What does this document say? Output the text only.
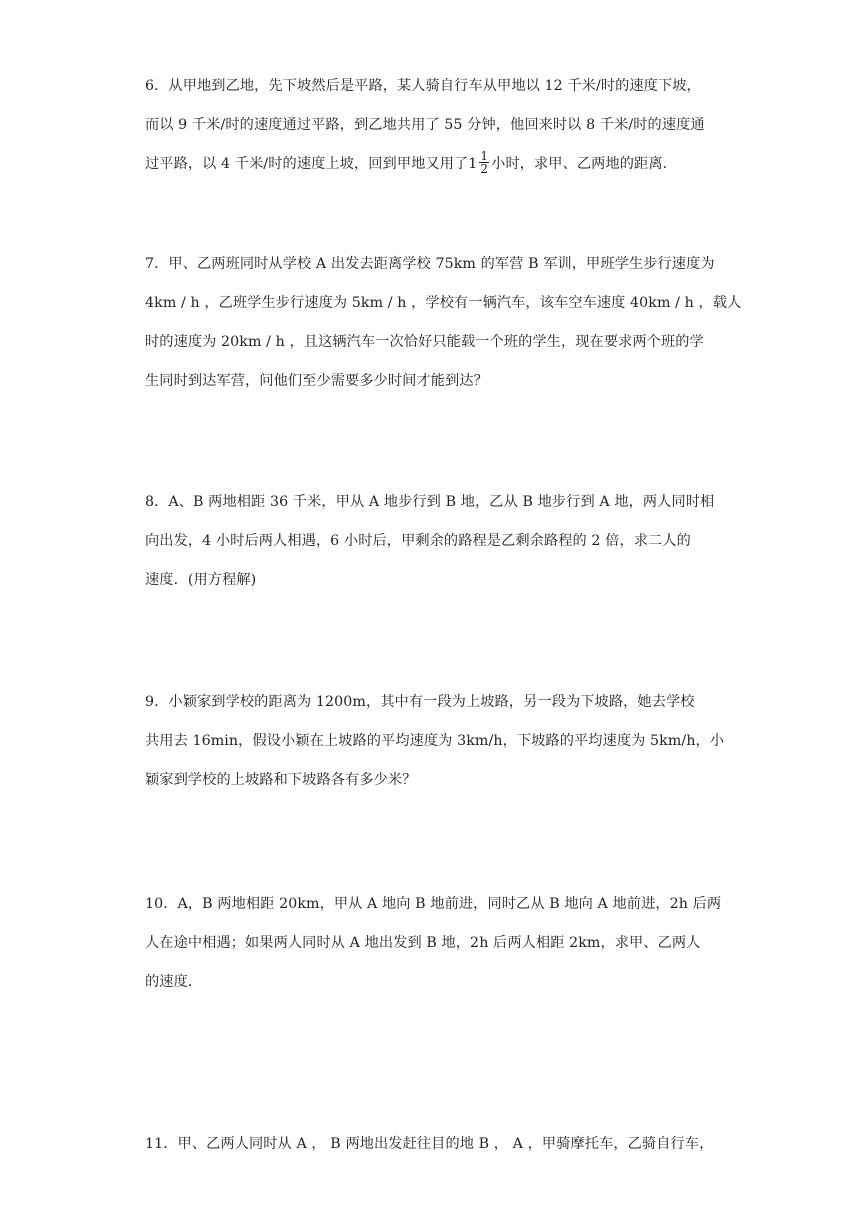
6．从甲地到乙地，先下坡然后是平路，某人骑自行车从甲地以 12 千米/时的速度下坡，
而以 9 千米/时的速度通过平路，到乙地共用了 55 分钟，他回来时以 8 千米/时的速度通
过平路，以 4 千米/时的速度上坡，回到甲地又用了$1 \frac{1}{2}$ 小时，求甲、乙两地的距离．
7．甲、乙两班同时从学校 A 出发去距离学校 75km 的军营 B 军训，甲班学生步行速度为
4km / h ，乙班学生步行速度为 5km / h ，学校有一辆汽车，该车空车速度 40km / h ，载人
时的速度为 20km / h ，且这辆汽车一次恰好只能载一个班的学生，现在要求两个班的学
生同时到达军营，问他们至少需要多少时间才能到达？
8．A、B 两地相距 36 千米，甲从 A 地步行到 B 地，乙从 B 地步行到 A 地，两人同时相
向出发，4 小时后两人相遇，6 小时后，甲剩余的路程是乙剩余路程的 2 倍，求二人的
速度．(用方程解)
9．小颖家到学校的距离为 1200m，其中有一段为上坡路，另一段为下坡路，她去学校
共用去 16min，假设小颖在上坡路的平均速度为 3km/h，下坡路的平均速度为 5km/h，小
颖家到学校的上坡路和下坡路各有多少米？
10．A，B 两地相距 20km，甲从 A 地向 B 地前进，同时乙从 B 地向 A 地前进，2h 后两
人在途中相遇；如果两人同时从 A 地出发到 B 地，2h 后两人相距 2km，求甲、乙两人
的速度．
11．甲、乙两人同时从 A ， B 两地出发赶往目的地 B ， A ，甲骑摩托车，乙骑自行车，
